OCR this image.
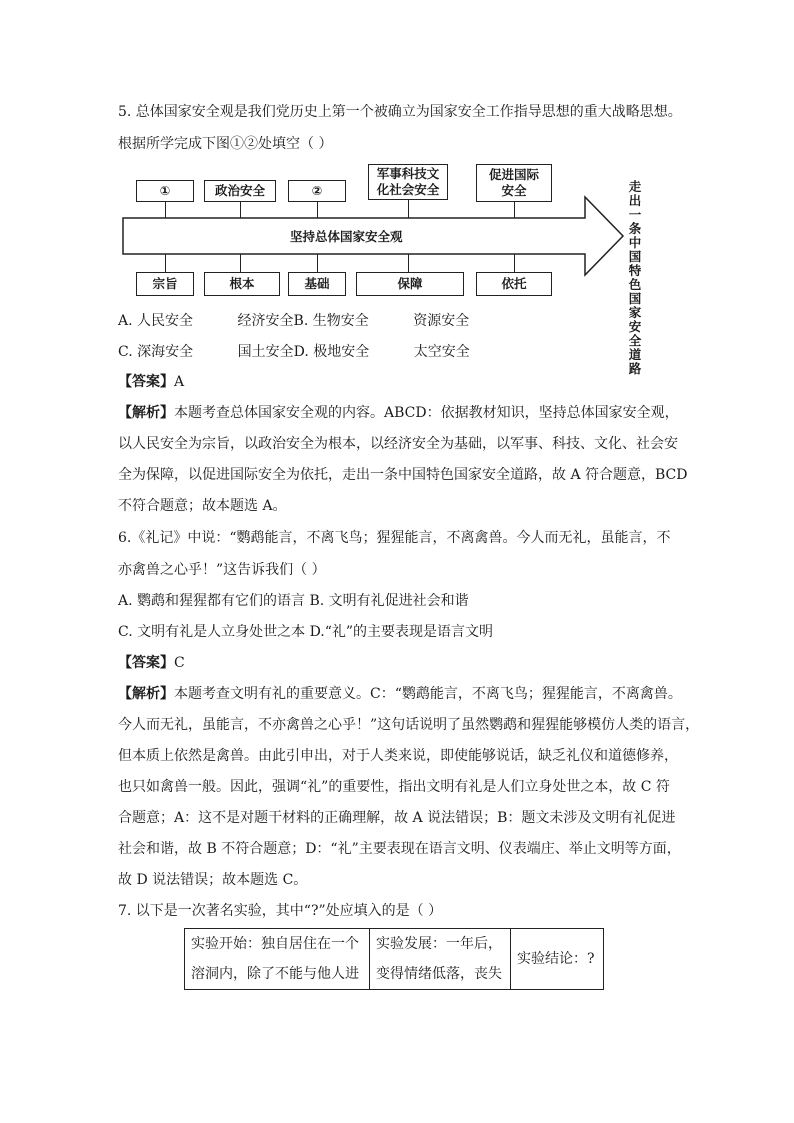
5. 总体国家安全观是我们党历史上第一个被确立为国家安全工作指导思想的重大战略思想。
根据所学完成下图①②处填空（ ）
坚持总体国家安全观
①	政治安全	②
军事科技文
化社会安全
促进国际
安全
宗旨	根本	基础	保障	依托
走
出
一
条
中
国
特
色
国
家
安
全
道
路
A. 人民安全          经济安全B. 生物安全          资源安全
C. 深海安全          国土安全D. 极地安全          太空安全
【答案】A
【解析】本题考查总体国家安全观的内容。ABCD：依据教材知识，坚持总体国家安全观，
以人民安全为宗旨，以政治安全为根本，以经济安全为基础，以军事、科技、文化、社会安
全为保障，以促进国际安全为依托，走出一条中国特色国家安全道路，故 A 符合题意，BCD
不符合题意；故本题选 A。
6.《礼记》中说：“鹦鹉能言，不离飞鸟；猩猩能言，不离禽兽。今人而无礼，虽能言，不
亦禽兽之心乎！”这告诉我们（ ）
A. 鹦鹉和猩猩都有它们的语言 B. 文明有礼促进社会和谐
C. 文明有礼是人立身处世之本 D.“礼”的主要表现是语言文明
【答案】C
【解析】本题考查文明有礼的重要意义。C：“鹦鹉能言，不离飞鸟；猩猩能言，不离禽兽。
今人而无礼，虽能言，不亦禽兽之心乎！”这句话说明了虽然鹦鹉和猩猩能够模仿人类的语言，
但本质上依然是禽兽。由此引申出，对于人类来说，即使能够说话，缺乏礼仪和道德修养，
也只如禽兽一般。因此，强调“礼”的重要性，指出文明有礼是人们立身处世之本，故 C 符
合题意；A：这不是对题干材料的正确理解，故 A 说法错误；B：题文未涉及文明有礼促进
社会和谐，故 B 不符合题意；D：“礼”主要表现在语言文明、仪表端庄、举止文明等方面，
故 D 说法错误；故本题选 C。
7. 以下是一次著名实验，其中“?”处应填入的是（ ）
实验开始：独自居住在一个
溶洞内，除了不能与他人进

实验发展：一年后，
变得情绪低落，丧失

实验结论：?
